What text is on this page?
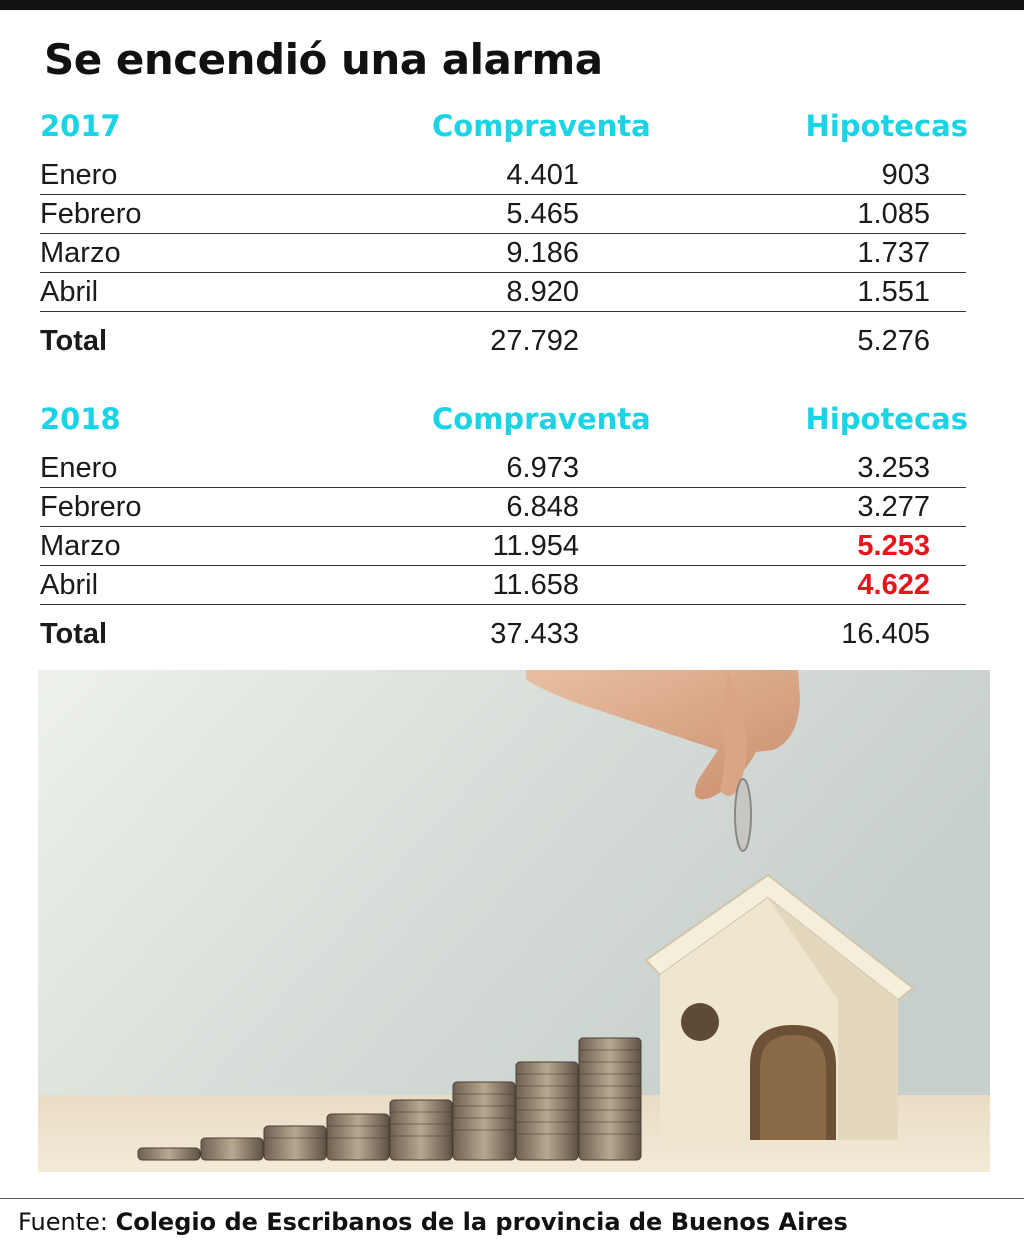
Se encendió una alarma
2017	Compraventa	Hipotecas
Enero	4.401	903
Febrero	5.465	1.085
Marzo	9.186	1.737
Abril	8.920	1.551
Total	27.792	5.276
2018	Compraventa	Hipotecas
Enero	6.973	3.253
Febrero	6.848	3.277
Marzo	11.954	5.253
Abril	11.658	4.622
Total	37.433	16.405
Fuente: Colegio de Escribanos de la provincia de Buenos Aires
